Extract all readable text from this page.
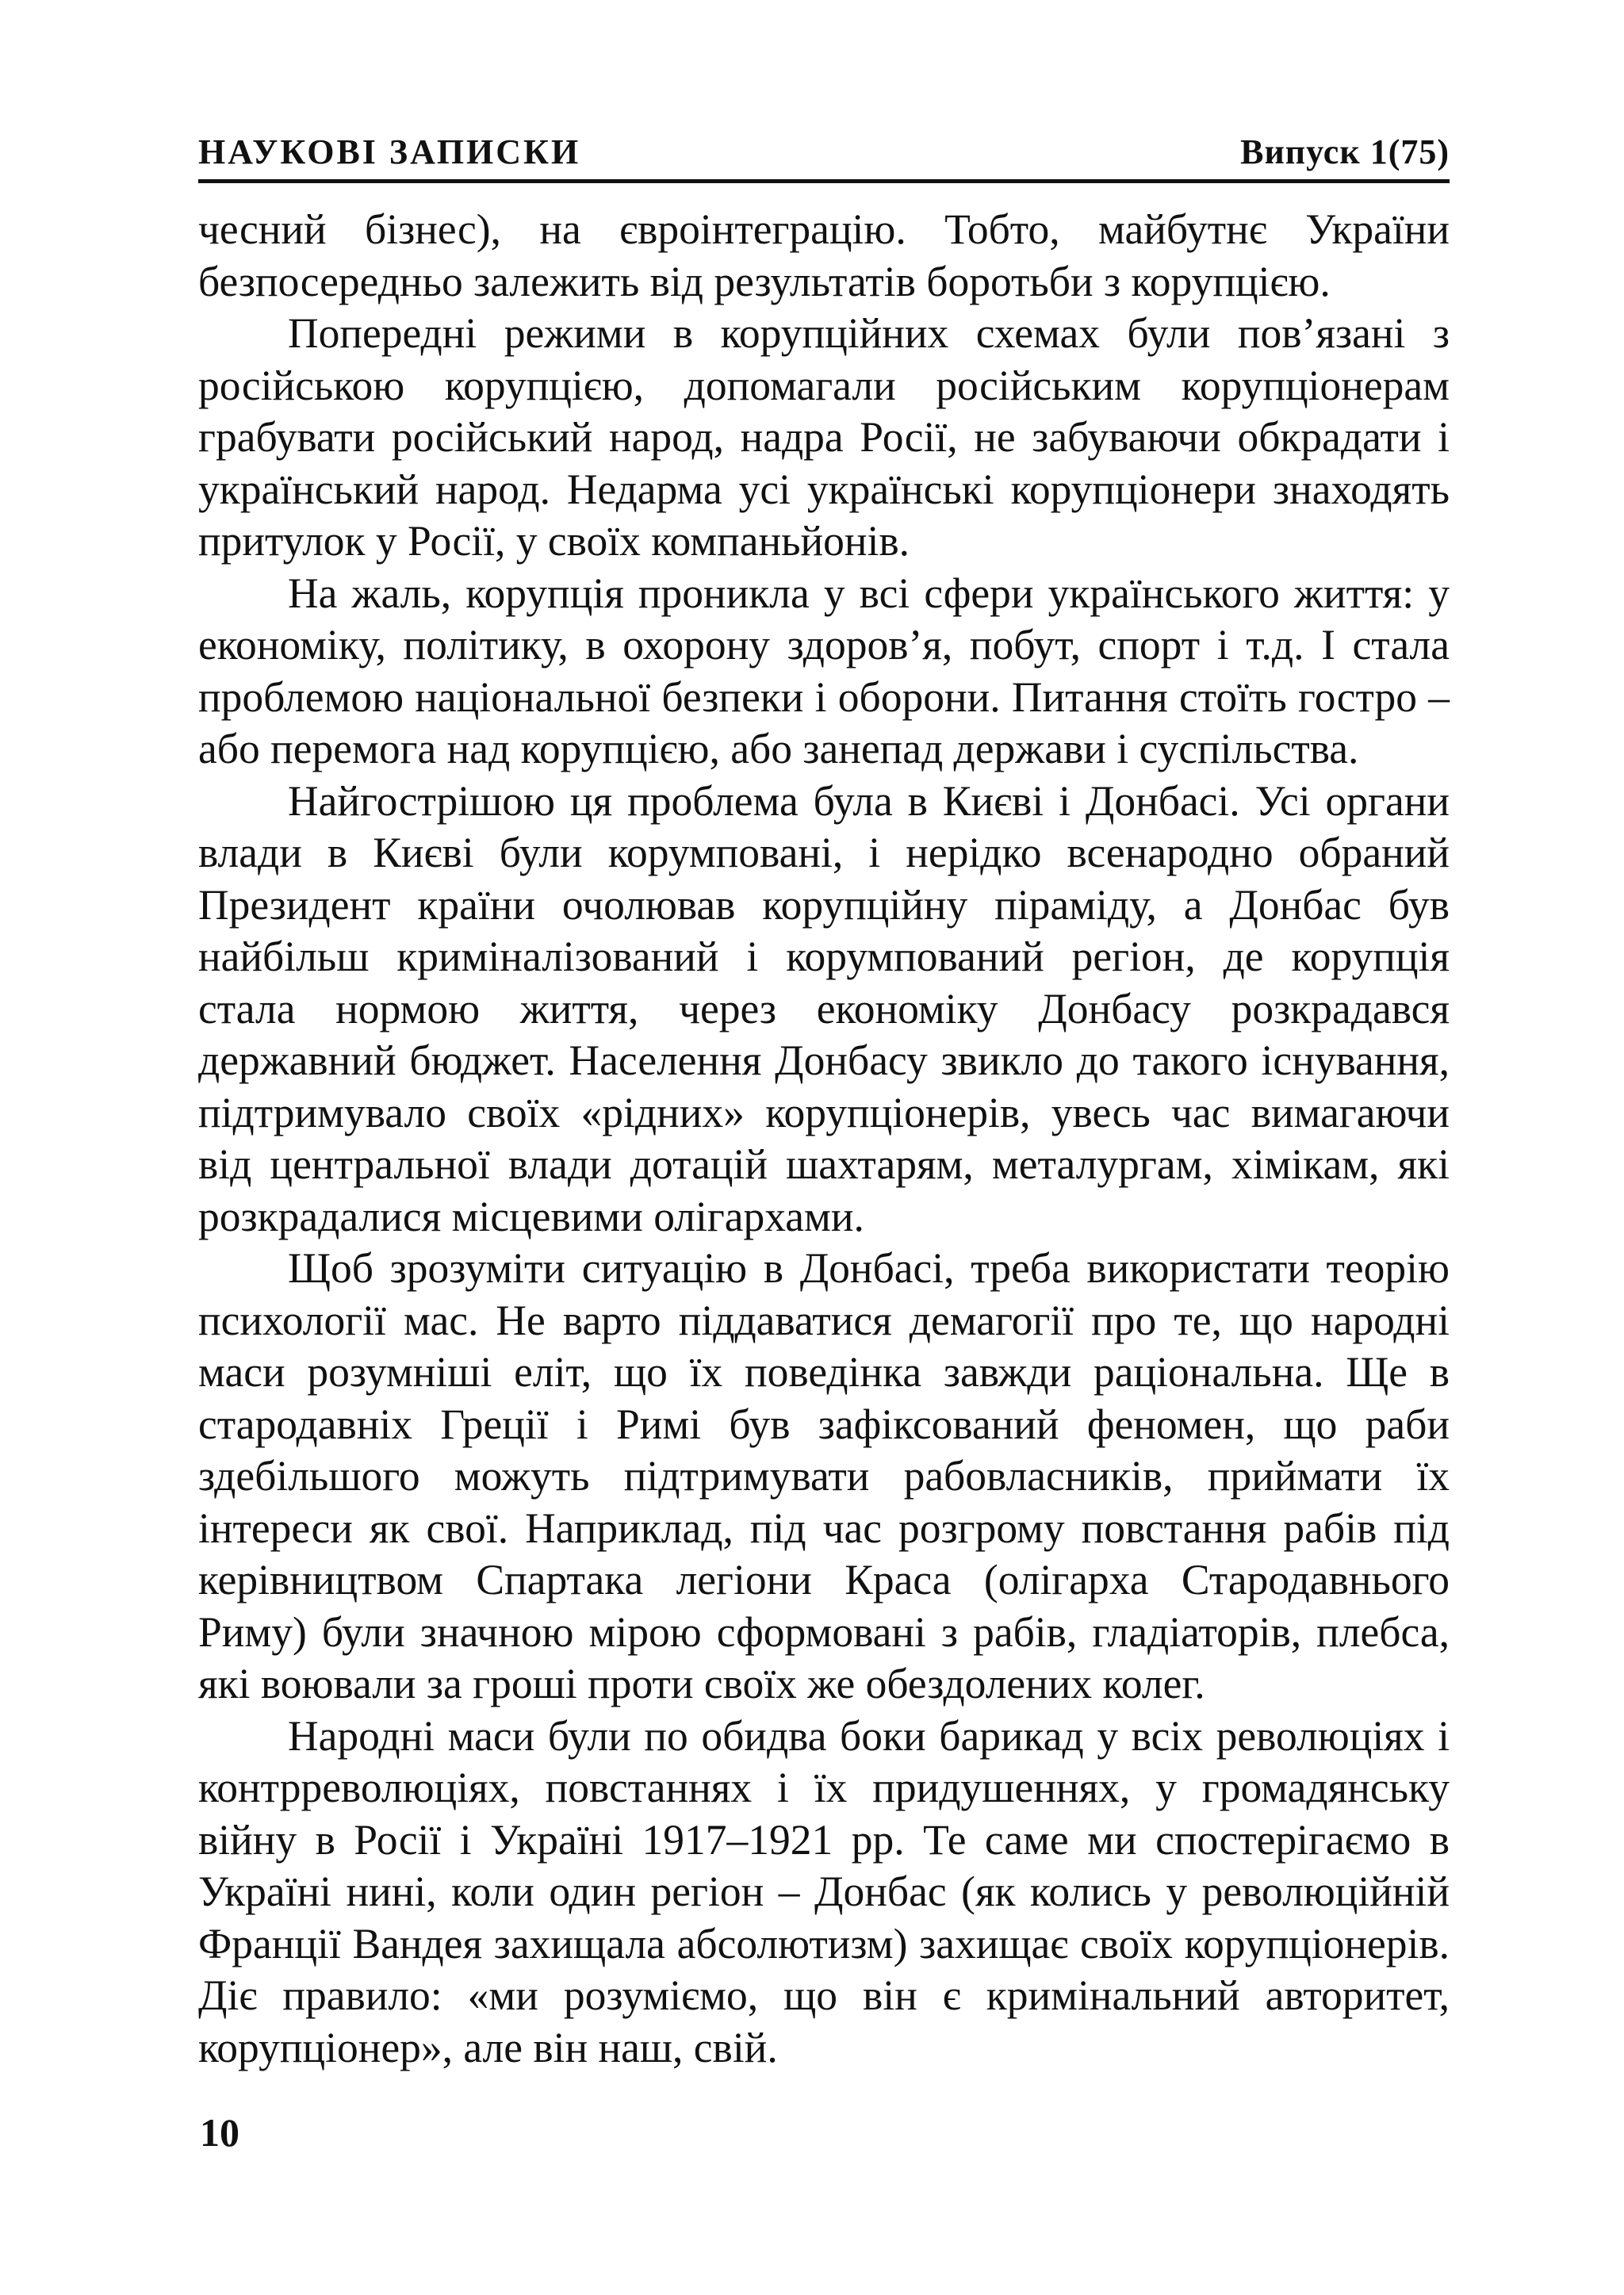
НАУКОВІ ЗАПИСКИ	Випуск 1(75)

чесний бізнес), на євроінтеграцію. Тобто, майбутнє України безпосередньо залежить від результатів боротьби з корупцією.

Попередні режими в корупційних схемах були пов’язані з російською корупцією, допомагали російським корупціонерам грабувати російський народ, надра Росії, не забуваючи обкрадати і український народ. Недарма усі українські корупціонери знаходять притулок у Росії, у своїх компаньйонів.

На жаль, корупція проникла у всі сфери українського життя: у економіку, політику, в охорону здоров’я, побут, спорт і т.д. І стала проблемою національної безпеки і оборони. Питання стоїть гостро – або перемога над корупцією, або занепад держави і суспільства.

Найгострішою ця проблема була в Києві і Донбасі. Усі органи влади в Києві були корумповані, і нерідко всенародно обраний Президент країни очолював корупційну піраміду, а Донбас був найбільш криміналізований і корумпований регіон, де корупція стала нормою життя, через економіку Донбасу розкрадався державний бюджет. Населення Донбасу звикло до такого існування, підтримувало своїх «рідних» корупціонерів, увесь час вимагаючи від центральної влади дотацій шахтарям, металургам, хімікам, які розкрадалися місцевими олігархами.

Щоб зрозуміти ситуацію в Донбасі, треба використати теорію психології мас. Не варто піддаватися демагогії про те, що народні маси розумніші еліт, що їх поведінка завжди раціональна. Ще в стародавніх Греції і Римі був зафіксований феномен, що раби здебільшого можуть підтримувати рабовласників, приймати їх інтереси як свої. Наприклад, під час розгрому повстання рабів під керівництвом Спартака легіони Краса (олігарха Стародавнього Риму) були значною мірою сформовані з рабів, гладіаторів, плебса, які воювали за гроші проти своїх же обездолених колег.

Народні маси були по обидва боки барикад у всіх революціях і контрреволюціях, повстаннях і їх придушеннях, у громадянську війну в Росії і Україні 1917–1921 рр. Те саме ми спостерігаємо в Україні нині, коли один регіон – Донбас (як колись у революційній Франції Вандея захищала абсолютизм) захищає своїх корупціонерів. Діє правило: «ми розуміємо, що він є кримінальний авторитет, корупціонер», але він наш, свій.

10
